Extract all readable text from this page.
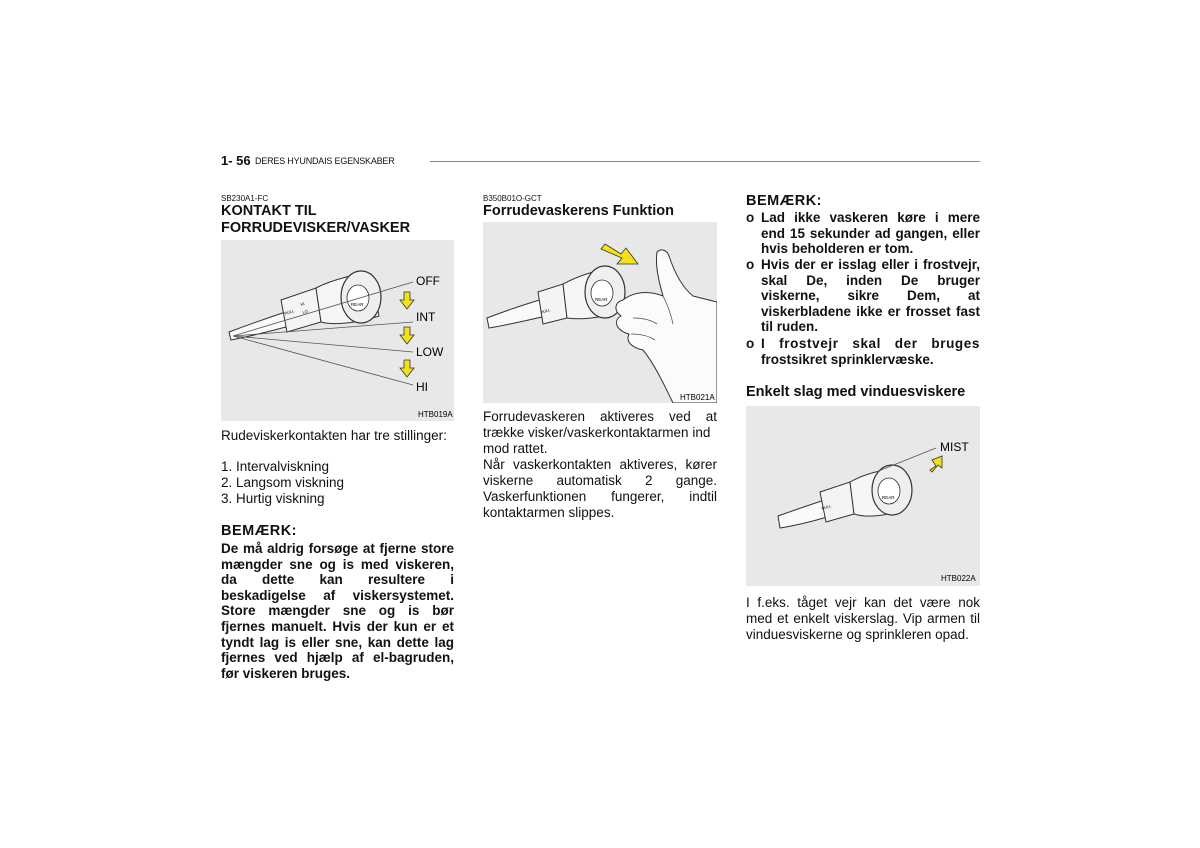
1- 56 DERES HYUNDAIS EGENSKABER
SB230A1-FC
KONTAKT TIL
FORRUDEVISKER/VASKER
REAR
PULL
HI
LO
OFF
INT
LOW
HI
HTB019A
Rudeviskerkontakten har tre stillinger:
1. Intervalviskning
2. Langsom viskning
3. Hurtig viskning
BEMÆRK:
De må aldrig forsøge at fjerne store
mængder sne og is med viskeren,
da dette kan resultere i
beskadigelse af viskersystemet.
Store mængder sne og is bør
fjernes manuelt. Hvis der kun er et
tyndt lag is eller sne, kan dette lag
fjernes ved hjælp af el-bagruden,
før viskeren bruges.
B350B01O-GCT
Forrudevaskerens Funktion
REAR
PULL
HTB021A
Forrudevaskeren aktiveres ved at
trække visker/vaskerkontaktarmen ind
mod rattet.
Når vaskerkontakten aktiveres, kører
viskerne automatisk 2 gange.
Vaskerfunktionen fungerer, indtil
kontaktarmen slippes.
BEMÆRK:
o Lad ikke vaskeren køre i mere
end 15 sekunder ad gangen, eller
hvis beholderen er tom.
o Hvis der er isslag eller i frostvejr,
skal De, inden De bruger
viskerne, sikre Dem, at
viskerbladene ikke er frosset fast
til ruden.
o I frostvejr skal der bruges
frostsikret sprinklervæske.
Enkelt slag med vinduesviskere
REAR
PULL
MIST
HTB022A
I f.eks. tåget vejr kan det være nok
med et enkelt viskerslag. Vip armen til
vinduesviskerne og sprinkleren opad.
